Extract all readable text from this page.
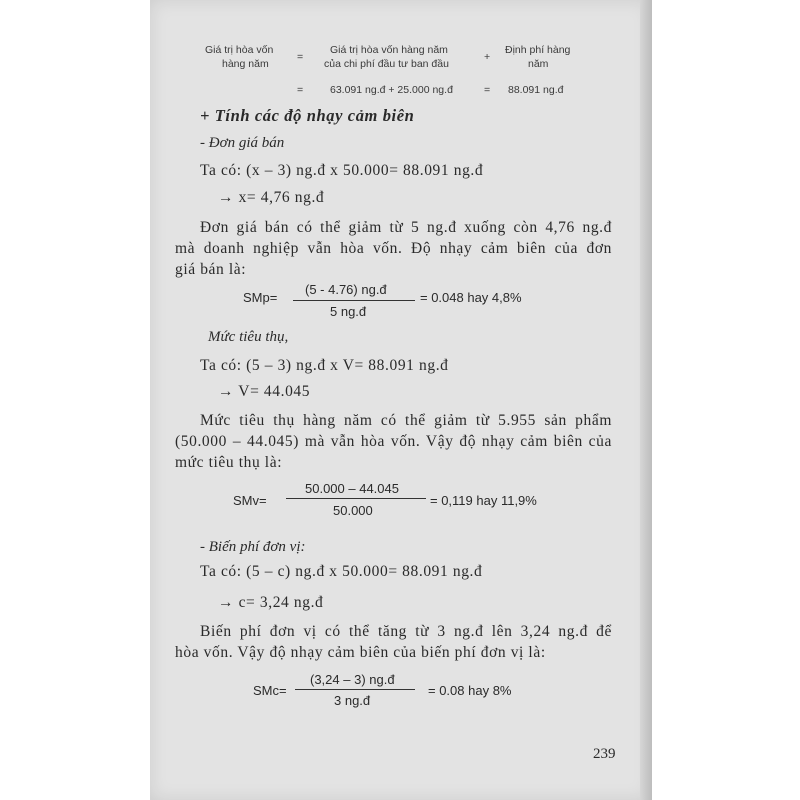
Giá trị hòa vốn
hàng năm
=
Giá trị hòa vốn hàng năm
của chi phí đầu tư ban đầu
+
Định phí hàng
năm
=	63.091 ng.đ + 25.000 ng.đ	= 88.091 ng.đ
+ Tính các độ nhạy cảm biên
- Đơn giá bán
Ta có: (x – 3) ng.đ x 50.000= 88.091 ng.đ
→ x= 4,76 ng.đ
Đơn giá bán có thể giảm từ 5 ng.đ xuống còn 4,76 ng.đ
mà doanh nghiệp vẫn hòa vốn. Độ nhạy cảm biên của đơn
giá bán là:
SMp=
(5 - 4.76) ng.đ
5 ng.đ
= 0.048 hay 4,8%
Mức tiêu thụ,
Ta có: (5 – 3) ng.đ x V= 88.091 ng.đ
→ V= 44.045
Mức tiêu thụ hàng năm có thể giảm từ 5.955 sản phẩm
(50.000 – 44.045) mà vẫn hòa vốn. Vậy độ nhạy cảm biên của
mức tiêu thụ là:
SMv=
50.000 – 44.045
50.000
= 0,119 hay 11,9%
- Biến phí đơn vị:
Ta có: (5 – c) ng.đ x 50.000= 88.091 ng.đ
→ c= 3,24 ng.đ
Biến phí đơn vị có thể tăng từ 3 ng.đ lên 3,24 ng.đ để
hòa vốn. Vậy độ nhạy cảm biên của biến phí đơn vị là:
SMc=
(3,24 – 3) ng.đ
3 ng.đ
= 0.08 hay 8%
239
